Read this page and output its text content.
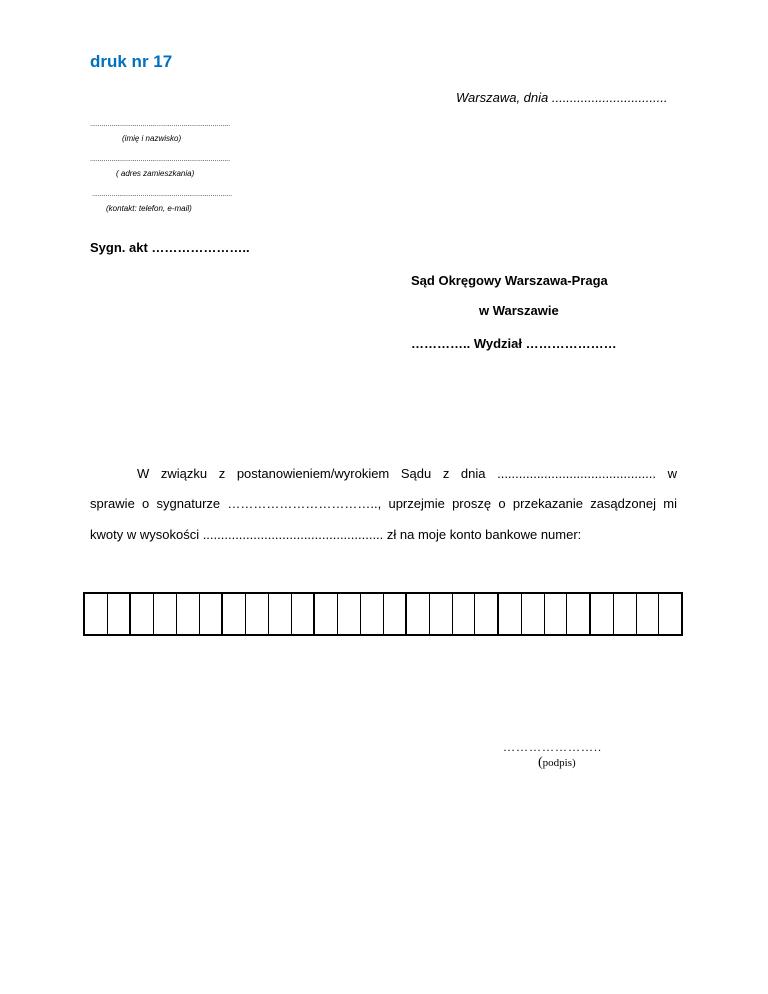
druk nr 17
Warszawa, dnia ................................
........................................................................
(imię i nazwisko)
........................................................................
( adres zamieszkania)
........................................................................
(kontakt: telefon, e-mail)
Sygn. akt …………………..
Sąd Okręgowy Warszawa-Praga
w Warszawie
………….. Wydział …………………
W związku z postanowieniem/wyrokiem Sądu z dnia ............................................ w
sprawie o sygnaturze …………………………….., uprzejmie proszę o przekazanie zasądzonej mi
kwoty w wysokości .................................................. zł na moje konto bankowe numer:
…………………..
(podpis)
